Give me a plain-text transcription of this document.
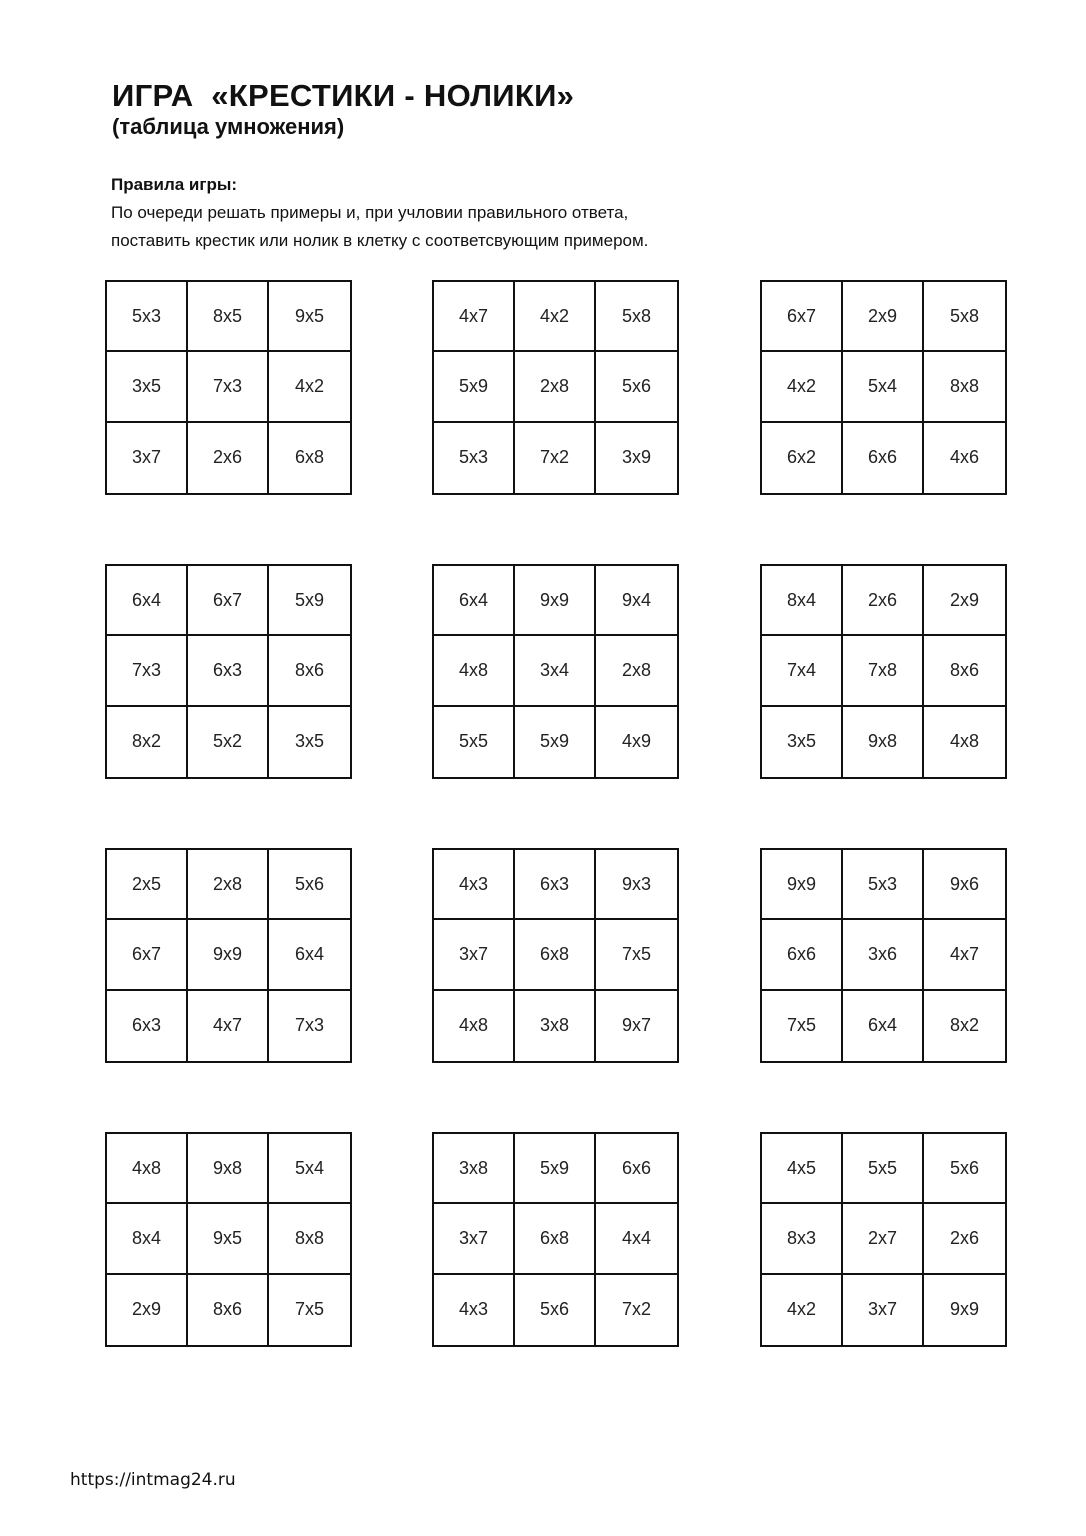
ИГРА  «КРЕСТИКИ - НОЛИКИ»
(таблица умножения)
Правила игры:
По очереди решать примеры и, при учловии правильного ответа,
поставить крестик или нолик в клетку с соответсвующим примером.
5x3	8x5	9x5
3x5	7x3	4x2
3x7	2x6	6x8
4x7	4x2	5x8
5x9	2x8	5x6
5x3	7x2	3x9
6x7	2x9	5x8
4x2	5x4	8x8
6x2	6x6	4x6
6x4	6x7	5x9
7x3	6x3	8x6
8x2	5x2	3x5
6x4	9x9	9x4
4x8	3x4	2x8
5x5	5x9	4x9
8x4	2x6	2x9
7x4	7x8	8x6
3x5	9x8	4x8
2x5	2x8	5x6
6x7	9x9	6x4
6x3	4x7	7x3
4x3	6x3	9x3
3x7	6x8	7x5
4x8	3x8	9x7
9x9	5x3	9x6
6x6	3x6	4x7
7x5	6x4	8x2
4x8	9x8	5x4
8x4	9x5	8x8
2x9	8x6	7x5
3x8	5x9	6x6
3x7	6x8	4x4
4x3	5x6	7x2
4x5	5x5	5x6
8x3	2x7	2x6
4x2	3x7	9x9
https://intmag24.ru
